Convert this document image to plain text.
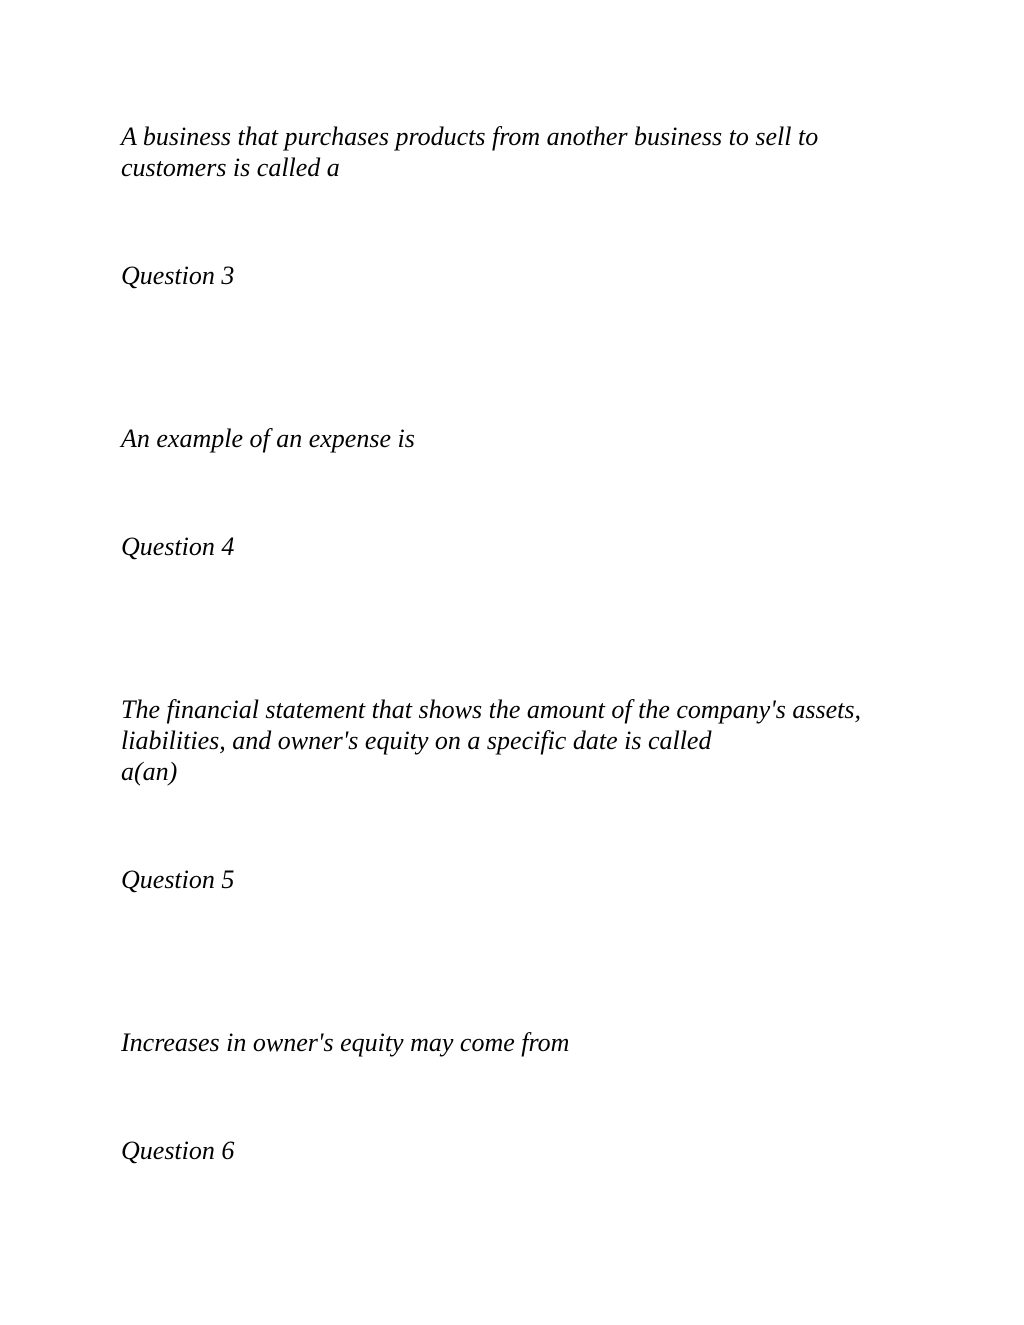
A business that purchases products from another business to sell to
customers is called a

Question 3

An example of an expense is

Question 4

The financial statement that shows the amount of the company's assets,
liabilities, and owner's equity on a specific date is called
a(an)

Question 5

Increases in owner's equity may come from

Question 6
